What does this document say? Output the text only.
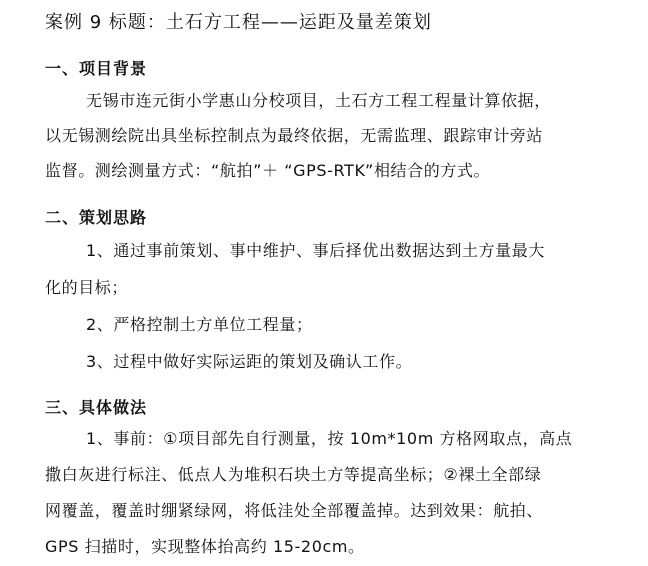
案例 9 标题：土石方工程——运距及量差策划
一、项目背景
无锡市连元街小学惠山分校项目，土石方工程工程量计算依据，
以无锡测绘院出具坐标控制点为最终依据，无需监理、跟踪审计旁站
监督。测绘测量方式：“航拍”＋ “GPS-RTK”相结合的方式。
二、策划思路
1、通过事前策划、事中维护、事后择优出数据达到土方量最大
化的目标；
2、严格控制土方单位工程量；
3、过程中做好实际运距的策划及确认工作。
三、具体做法
1、事前：①项目部先自行测量，按 10m*10m 方格网取点，高点
撒白灰进行标注、低点人为堆积石块土方等提高坐标；②裸土全部绿
网覆盖，覆盖时绷紧绿网，将低洼处全部覆盖掉。达到效果：航拍、
GPS 扫描时，实现整体抬高约 15-20cm。
